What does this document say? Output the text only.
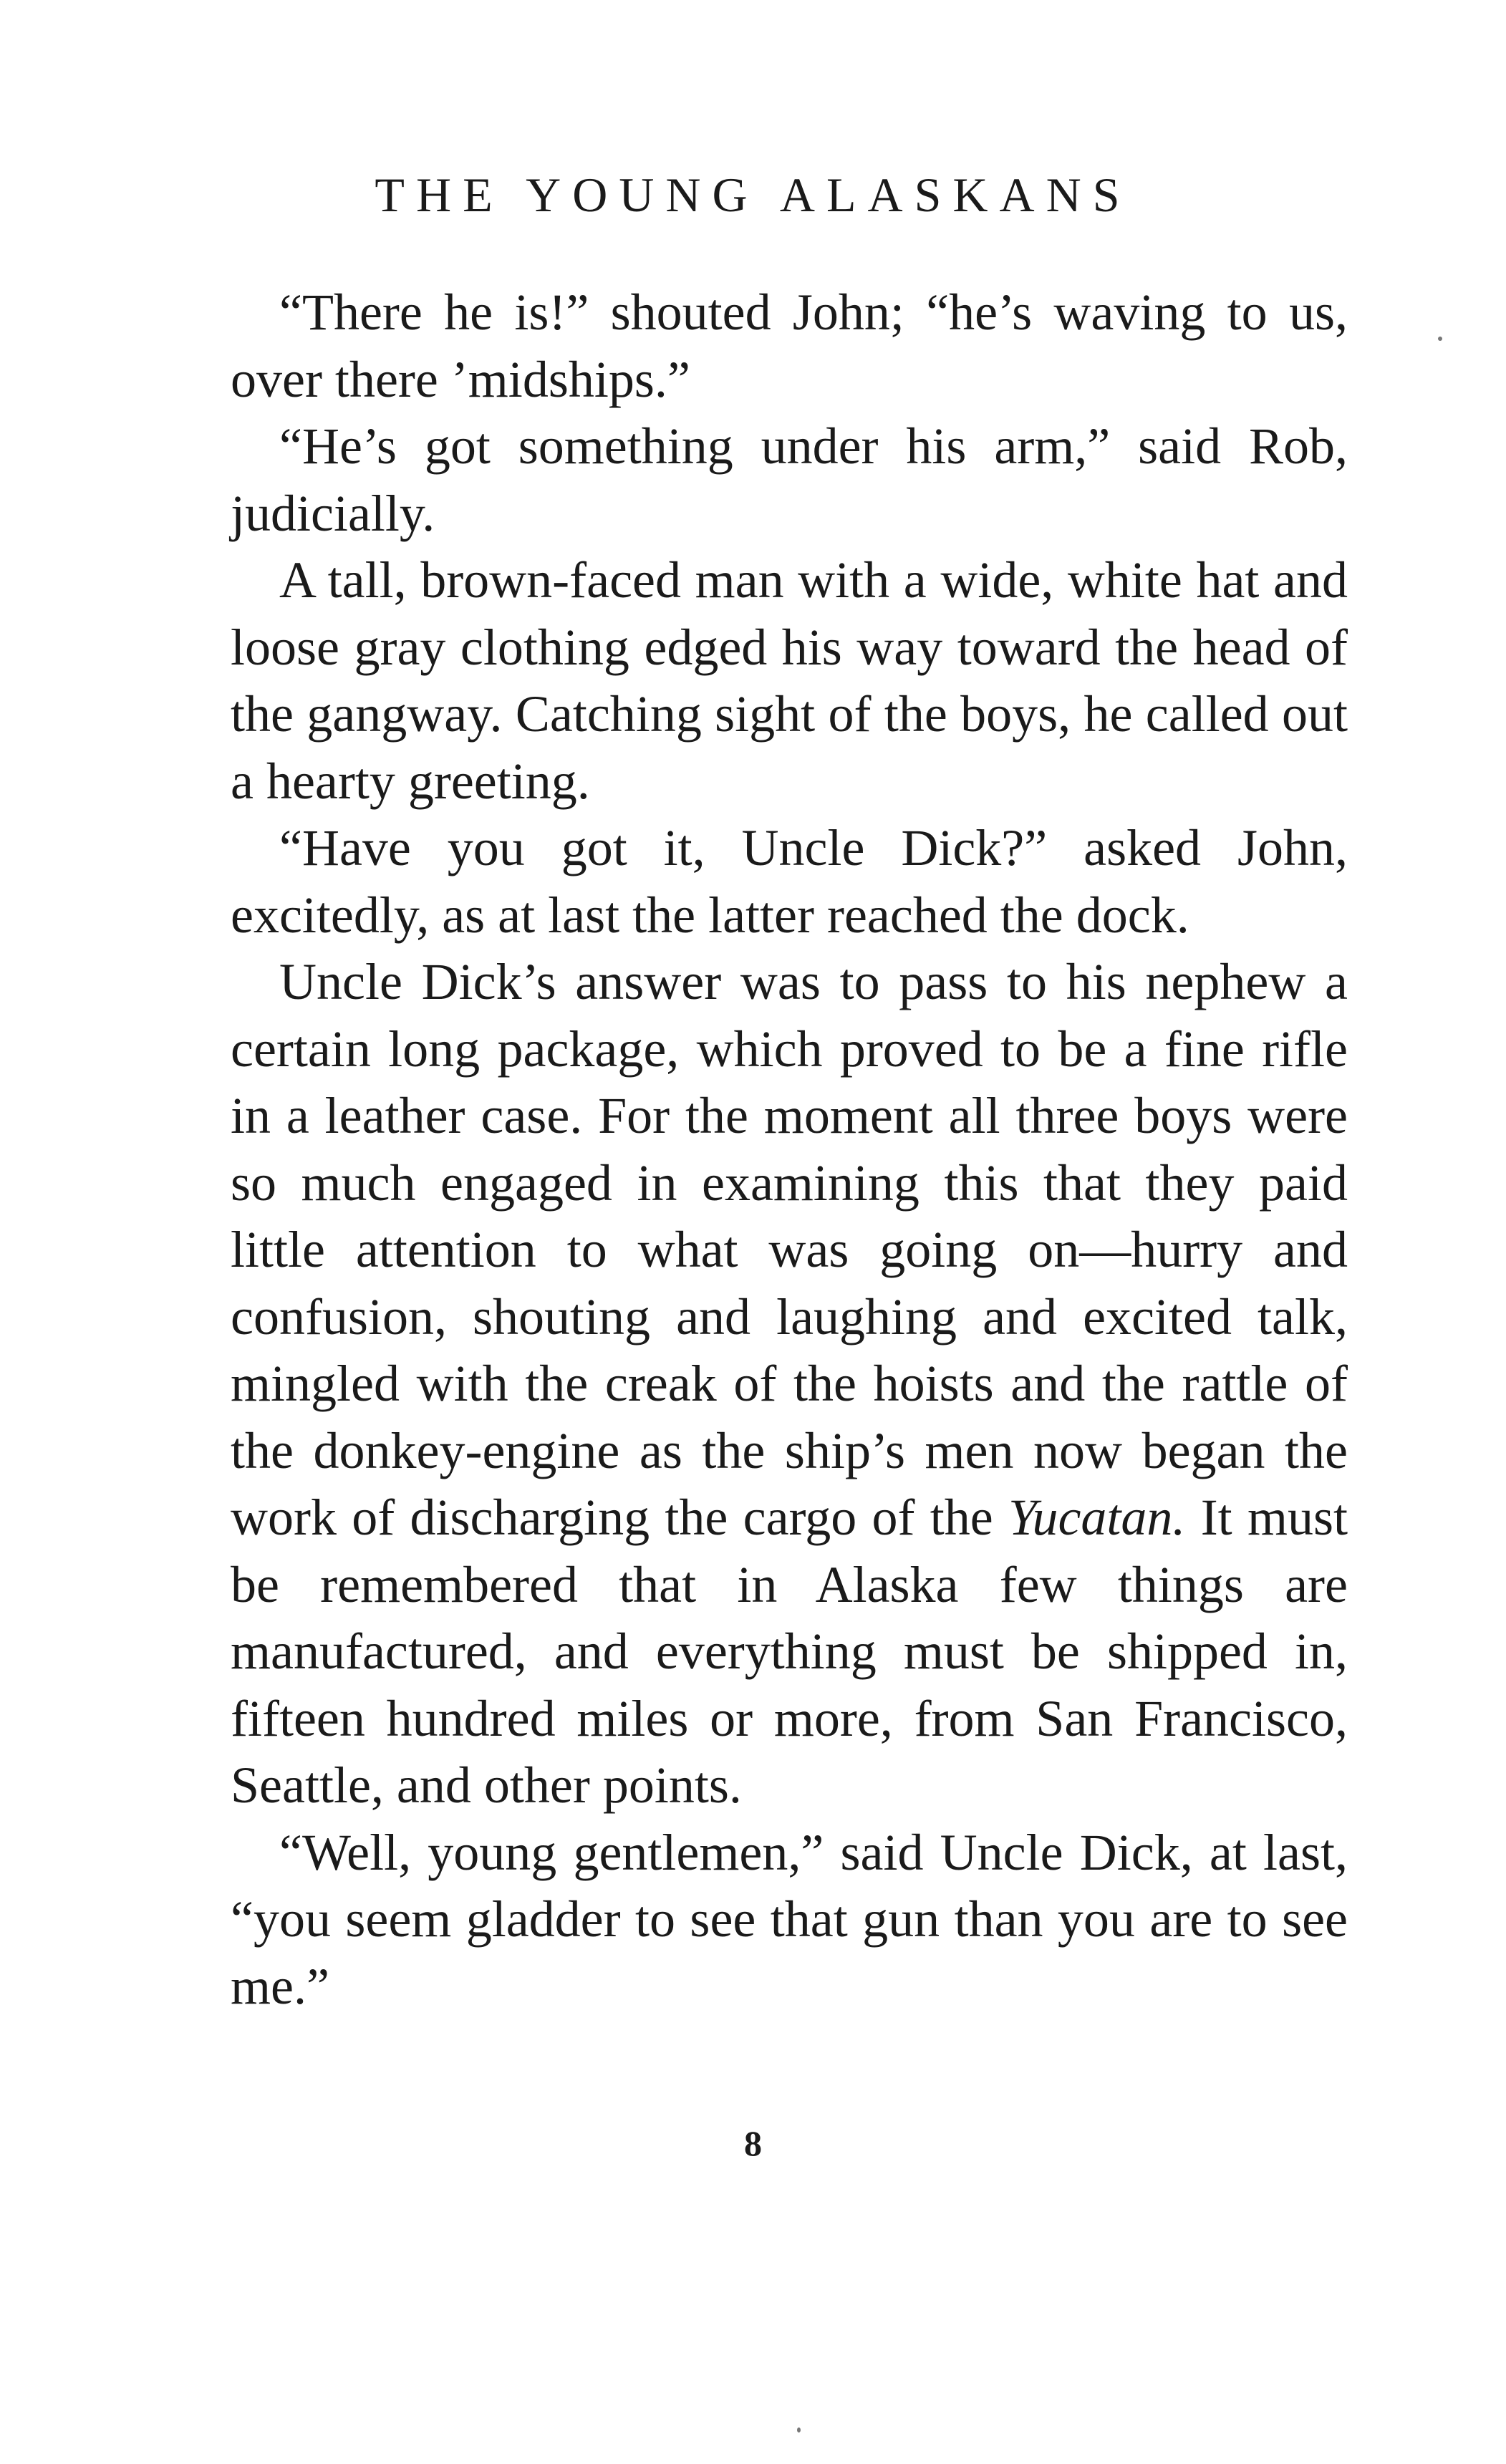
THE YOUNG ALASKANS

“There he is!” shouted John; “he’s waving to us, over there ’midships.”

“He’s got something under his arm,” said Rob, judicially.

A tall, brown-faced man with a wide, white hat and loose gray clothing edged his way toward the head of the gangway. Catching sight of the boys, he called out a hearty greeting.

“Have you got it, Uncle Dick?” asked John, excitedly, as at last the latter reached the dock.

Uncle Dick’s answer was to pass to his nephew a certain long package, which proved to be a fine rifle in a leather case. For the moment all three boys were so much engaged in examining this that they paid little attention to what was going on—hurry and confusion, shouting and laughing and excited talk, mingled with the creak of the hoists and the rattle of the donkey-engine as the ship’s men now began the work of discharging the cargo of the Yucatan. It must be remembered that in Alaska few things are manufactured, and everything must be shipped in, fifteen hundred miles or more, from San Francisco, Seattle, and other points.

“Well, young gentlemen,” said Uncle Dick, at last, “you seem gladder to see that gun than you are to see me.”

8
